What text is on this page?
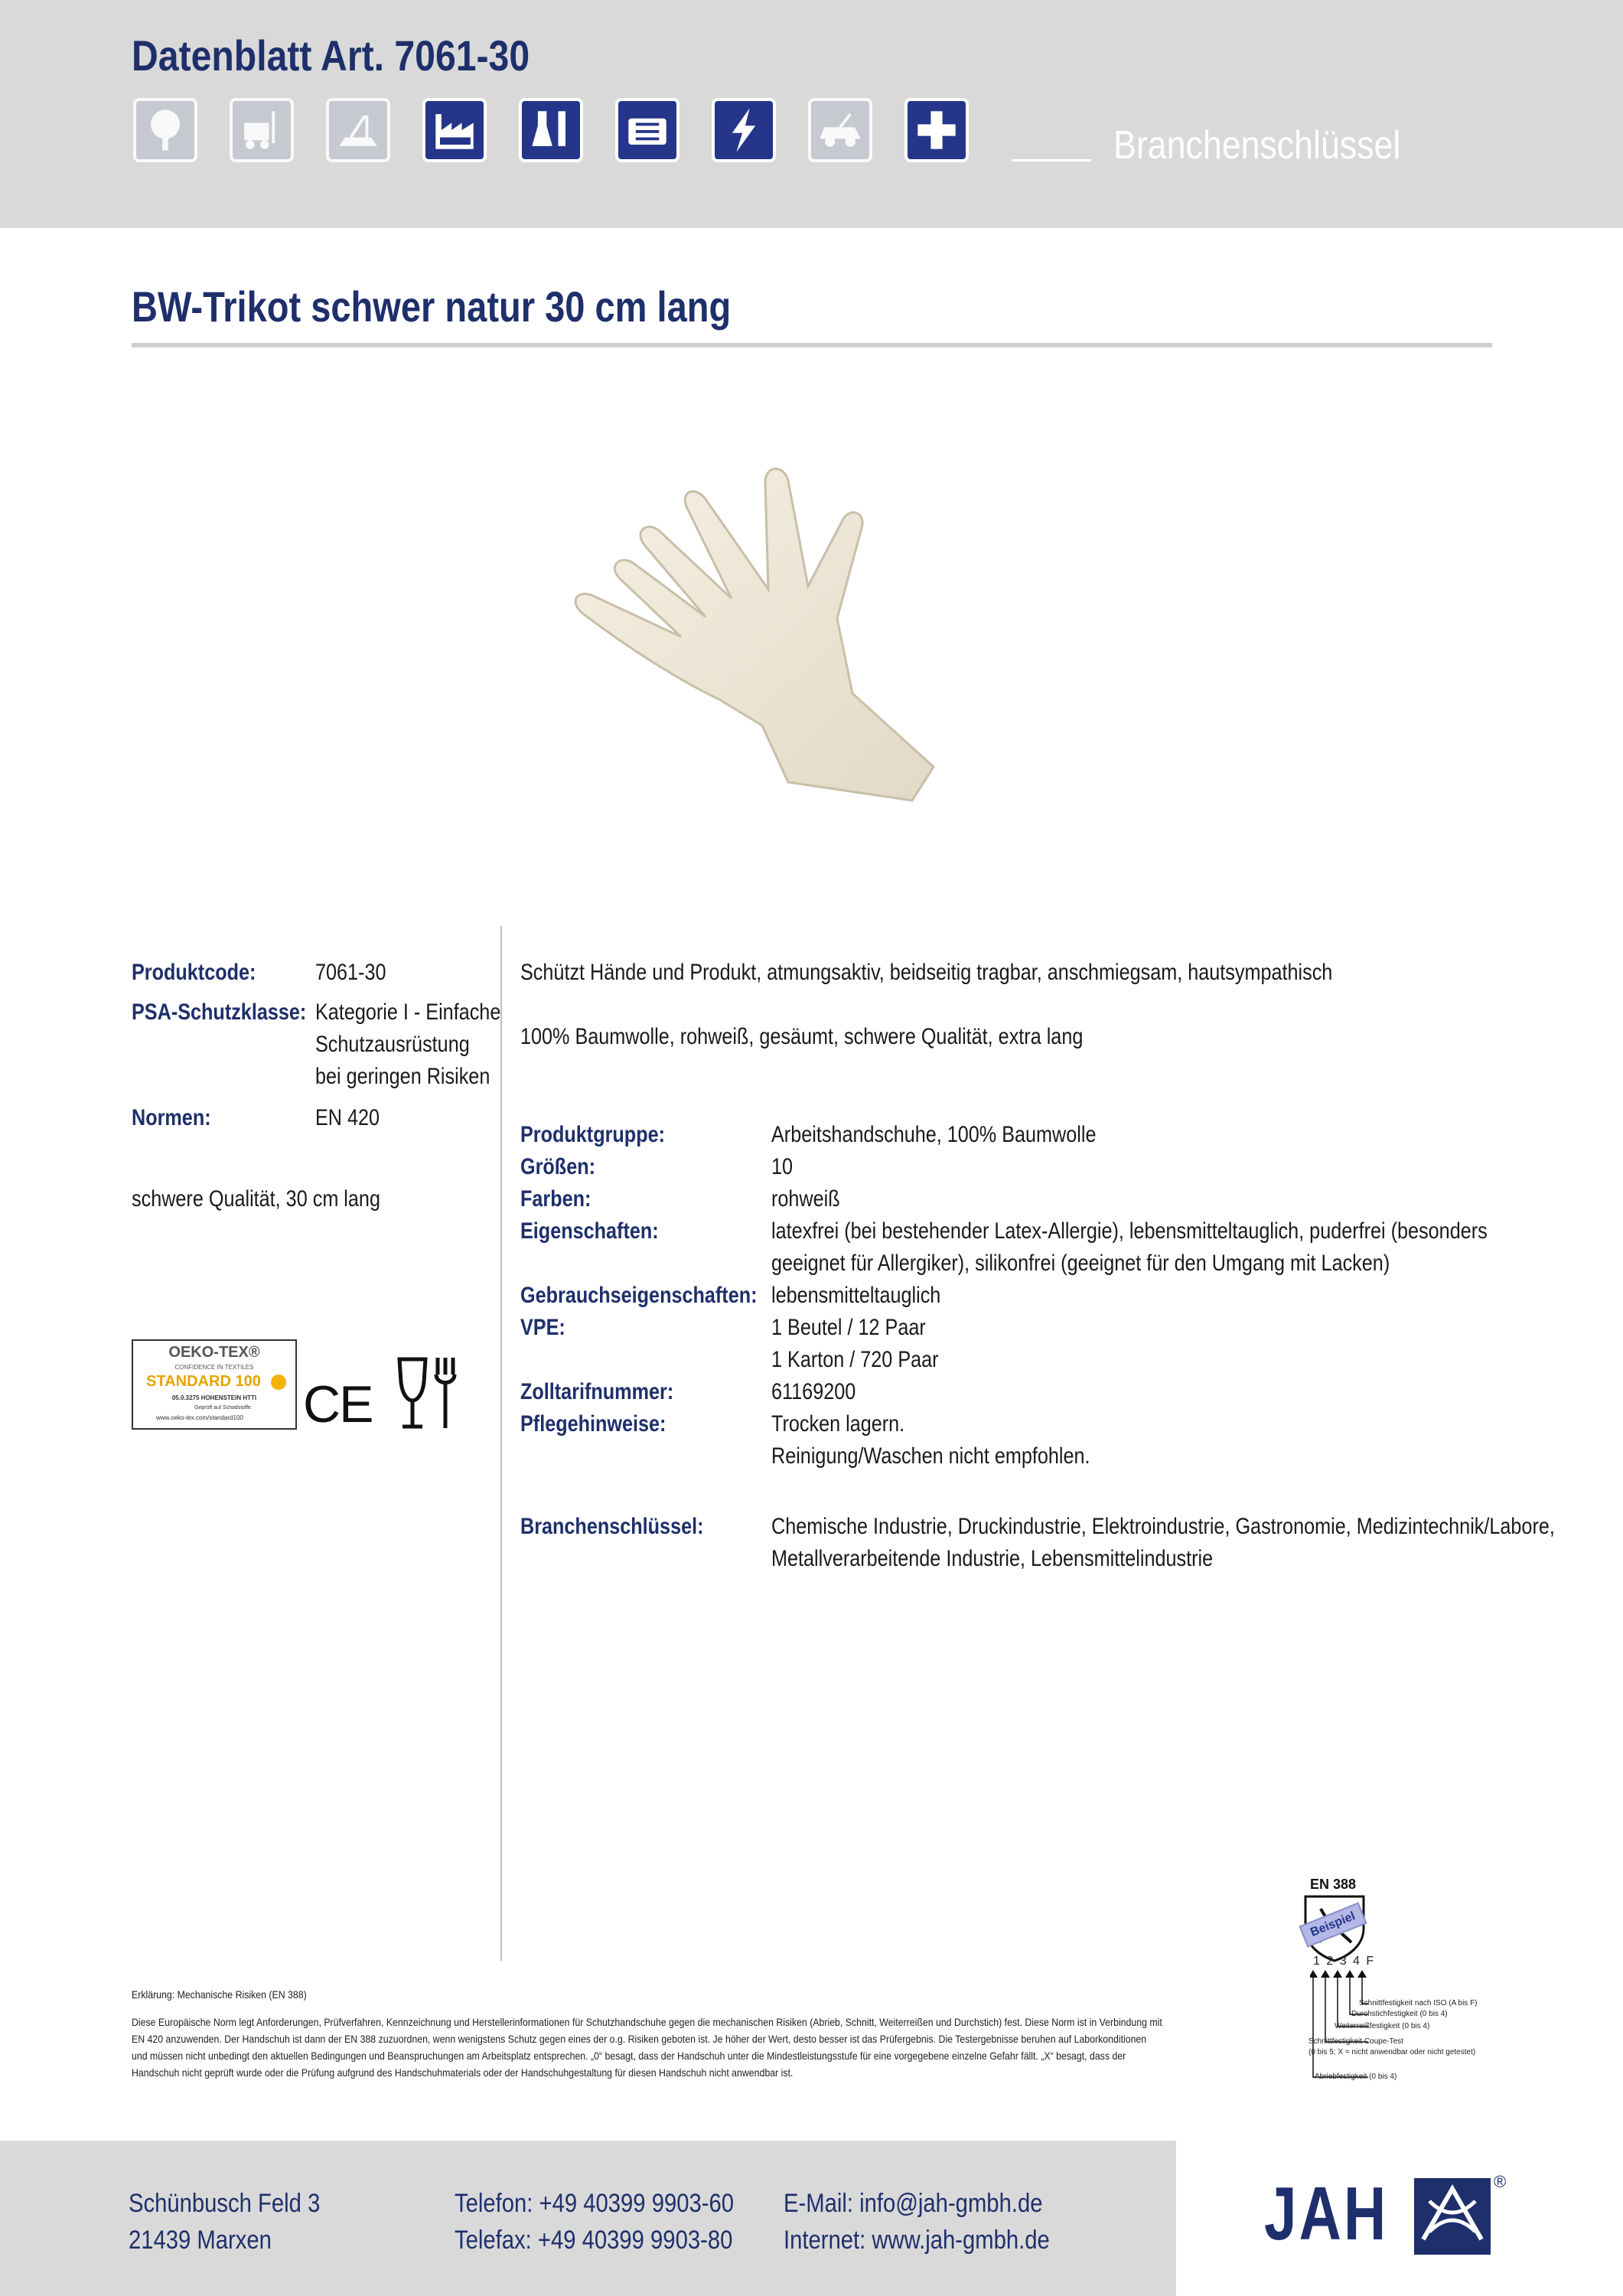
Datenblatt Art. 7061-30
Branchenschlüssel
BW-Trikot schwer natur 30 cm lang
Produktcode:	7061-30
PSA-Schutzklasse: Kategorie I - Einfache
Schutzausrüstung
bei geringen Risiken
Normen:	EN 420
schwere Qualität, 30 cm lang
OEKO-TEX®
CONFIDENCE IN TEXTILES
STANDARD 100
05.0.3275 HOHENSTEIN HTTI
Geprüft auf Schadstoffe.
www.oeko-tex.com/standard100 CE
Schützt Hände und Produkt, atmungsaktiv, beidseitig tragbar, anschmiegsam, hautsympathisch
100% Baumwolle, rohweiß, gesäumt, schwere Qualität, extra lang
Produktgruppe:	Arbeitshandschuhe, 100% Baumwolle
Größen:	10
Farben:	rohweiß
Eigenschaften:	latexfrei (bei bestehender Latex-Allergie), lebensmitteltauglich, puderfrei (besonders
geeignet für Allergiker), silikonfrei (geeignet für den Umgang mit Lacken)
Gebrauchseigenschaften: lebensmitteltauglich
VPE:	1 Beutel / 12 Paar
1 Karton / 720 Paar
Zolltarifnummer:	61169200
Pflegehinweise:	Trocken lagern.
Reinigung/Waschen nicht empfohlen.
Branchenschlüssel:	Chemische Industrie, Druckindustrie, Elektroindustrie, Gastronomie, Medizintechnik/Labore,
Metallverarbeitende Industrie, Lebensmittelindustrie
EN 388
Beispiel
1 2 3 4 F
Schnittfestigkeit nach ISO (A bis F)
Durchstichfestigkeit (0 bis 4)
Weiterreißfestigkeit (0 bis 4)
Schnittfestigkeit Coupe-Test
(0 bis 5; X = nicht anwendbar oder nicht getestet)
Abriebfestigkeit (0 bis 4)
Erklärung: Mechanische Risiken (EN 388)
Diese Europäische Norm legt Anforderungen, Prüfverfahren, Kennzeichnung und Herstellerinformationen für Schutzhandschuhe gegen die mechanischen Risiken (Abrieb, Schnitt, Weiterreißen und Durchstich) fest. Diese Norm ist in Verbindung mit
EN 420 anzuwenden. Der Handschuh ist dann der EN 388 zuzuordnen, wenn wenigstens Schutz gegen eines der o.g. Risiken geboten ist. Je höher der Wert, desto besser ist das Prüfergebnis. Die Testergebnisse beruhen auf Laborkonditionen
und müssen nicht unbedingt den aktuellen Bedingungen und Beanspruchungen am Arbeitsplatz entsprechen. „0“ besagt, dass der Handschuh unter die Mindestleistungsstufe für eine vorgegebene einzelne Gefahr fällt. „X“ besagt, dass der
Handschuh nicht geprüft wurde oder die Prüfung aufgrund des Handschuhmaterials oder der Handschuhgestaltung für diesen Handschuh nicht anwendbar ist.
Schünbusch Feld 3
21439 Marxen
Telefon: +49 40399 9903-60
Telefax: +49 40399 9903-80
E-Mail: info@jah-gmbh.de
Internet: www.jah-gmbh.de	JAH	®
